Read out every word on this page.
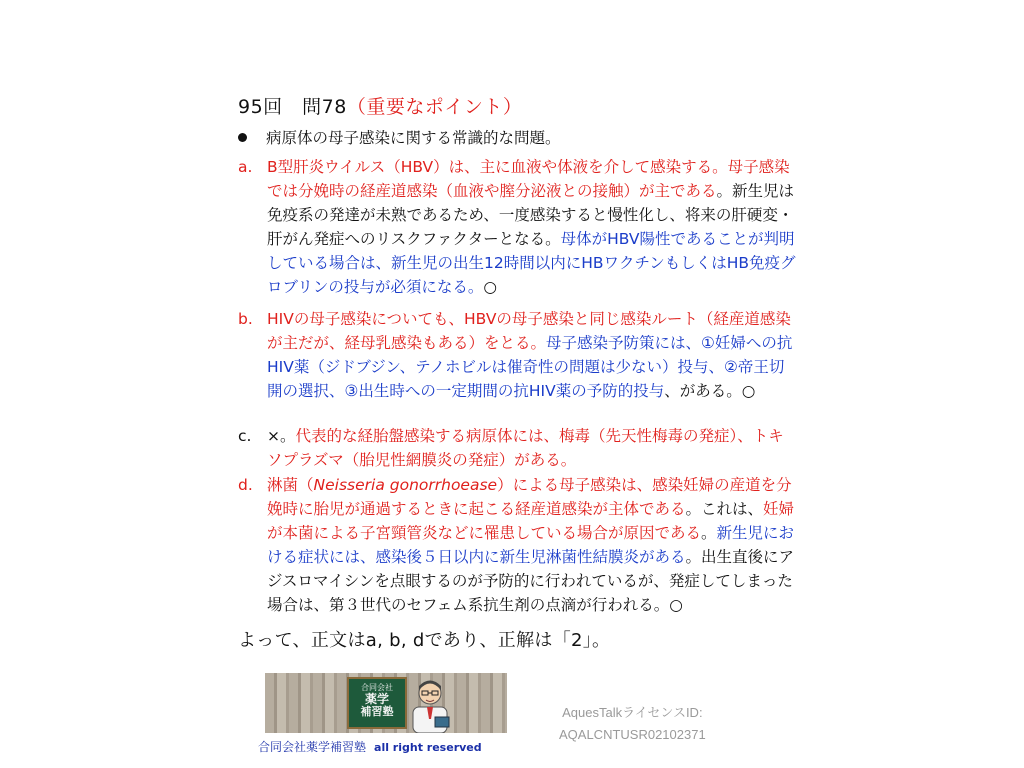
95回　問78（重要なポイント）
病原体の母子感染に関する常識的な問題。
a. B型肝炎ウイルス（HBV）は、主に血液や体液を介して感染する。母子感染では分娩時の経産道感染（血液や膣分泌液との接触）が主である。新生児は免疫系の発達が未熟であるため、一度感染すると慢性化し、将来の肝硬変・肝がん発症へのリスクファクターとなる。母体がHBV陽性であることが判明している場合は、新生児の出生12時間以内にHBワクチンもしくはHB免疫グロブリンの投与が必須になる。○
b. HIVの母子感染についても、HBVの母子感染と同じ感染ルート（経産道感染が主だが、経母乳感染もある）をとる。母子感染予防策には、①妊婦への抗HIV薬（ジドブジン、テノホビルは催奇性の問題は少ない）投与、②帝王切開の選択、③出生時への一定期間の抗HIV薬の予防的投与、がある。○
c.	×。代表的な経胎盤感染する病原体には、梅毒（先天性梅毒の発症）、トキソプラズマ（胎児性網膜炎の発症）がある。
d. 淋菌（Neisseria gonorrhoease）による母子感染は、感染妊婦の産道を分娩時に胎児が通過するときに起こる経産道感染が主体である。これは、妊婦が本菌による子宮頸管炎などに罹患している場合が原因である。新生児における症状には、感染後５日以内に新生児淋菌性結膜炎がある。出生直後にアジスロマイシンを点眼するのが予防的に行われているが、発症してしまった場合は、第３世代のセフェム系抗生剤の点滴が行われる。○
よって、正文はa, b, dであり、正解は「2」。
合同会社
薬学
補習塾
合同会社薬学補習塾 all right reserved
AquesTalkライセンスID:
AQALCNTUSR02102371
